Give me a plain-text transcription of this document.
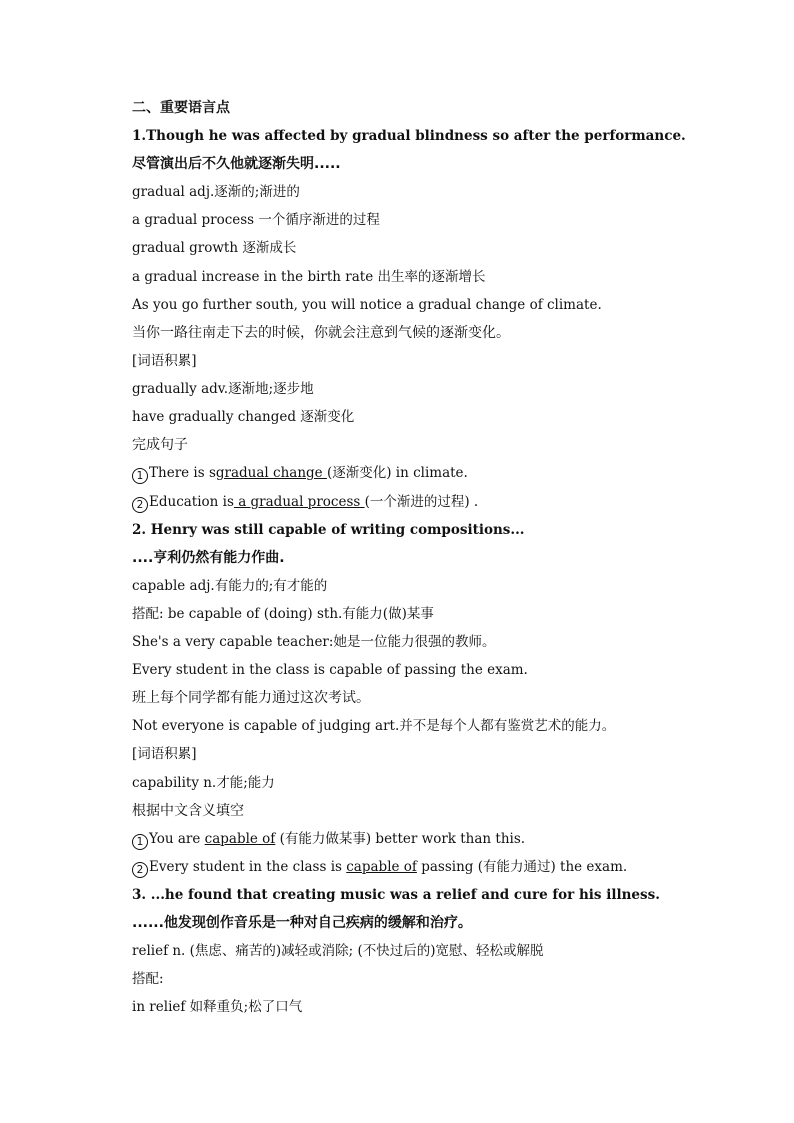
二、重要语言点
1.Though he was affected by gradual blindness so after the performance.
尽管演出后不久他就逐渐失明.....
gradual adj.逐渐的;渐进的
a gradual process 一个循序渐进的过程
gradual growth 逐渐成长
a gradual increase in the birth rate 出生率的逐渐增长
As you go further south, you will notice a gradual change of climate.
当你一路往南走下去的时候，你就会注意到气候的逐渐变化。
[词语积累]
gradually adv.逐渐地;逐步地
have gradually changed 逐渐变化
完成句子
1 There is sgradual change (逐渐变化) in climate.
2 Education is a gradual process (一个渐进的过程) .
2. Henry was still capable of writing compositions...
....亨利仍然有能力作曲.
capable adj.有能力的;有才能的
搭配: be capable of (doing) sth.有能力(做)某事
She's a very capable teacher:她是一位能力很强的教师。
Every student in the class is capable of passing the exam.
班上每个同学都有能力通过这次考试。
Not everyone is capable of judging art.并不是每个人都有鉴赏艺术的能力。
[词语积累]
capability n.才能;能力
根据中文含义填空
1 You are capable of (有能力做某事) better work than this.
2 Every student in the class is capable of passing (有能力通过) the exam.
3. ...he found that creating music was a relief and cure for his illness.
......他发现创作音乐是一种对自己疾病的缓解和治疗。
relief n. (焦虑、痛苦的)减轻或消除; (不快过后的)宽慰、轻松或解脱
搭配:
in relief 如释重负;松了口气
